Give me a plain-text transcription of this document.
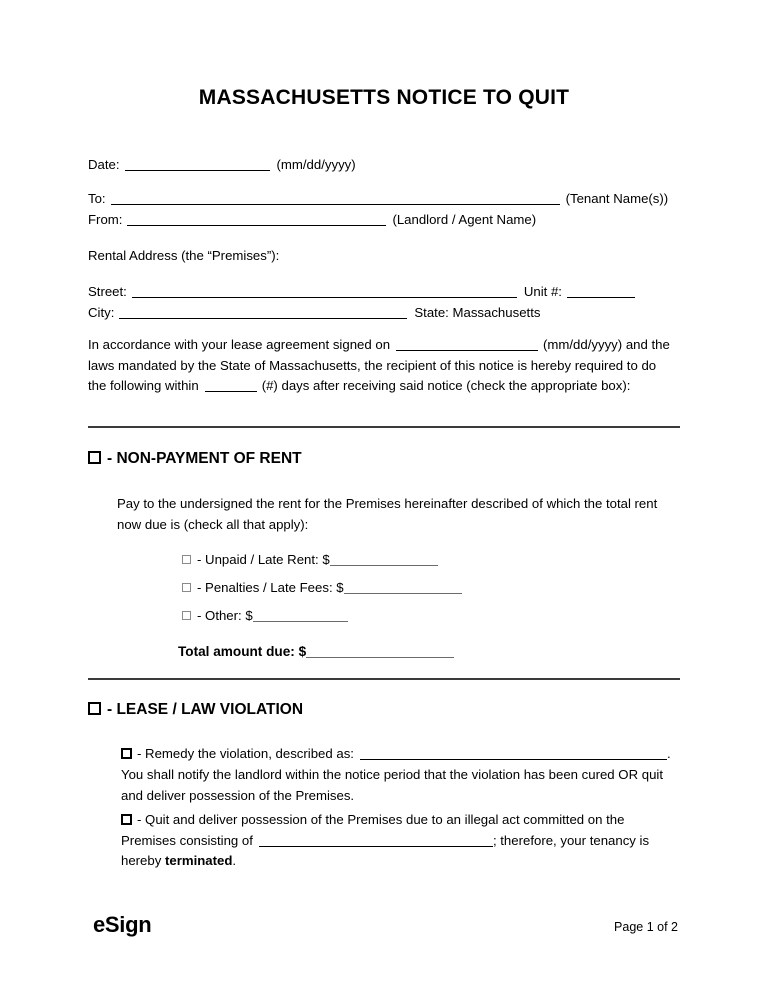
MASSACHUSETTS NOTICE TO QUIT
Date:	(mm/dd/yyyy)
To:	(Tenant Name(s))
From:	(Landlord / Agent Name)
Rental Address (the “Premises”):
Street:	Unit #:
City:	State: Massachusetts
In accordance with your lease agreement signed on	(mm/dd/yyyy) and the laws mandated by the State of Massachusetts, the recipient of this notice is hereby required to do the following within	(#) days after receiving said notice (check the appropriate box):
- NON-PAYMENT OF RENT
Pay to the undersigned the rent for the Premises hereinafter described of which the total rent now due is (check all that apply):
- Unpaid / Late Rent: $
- Penalties / Late Fees: $
- Other: $
Total amount due: $
- LEASE / LAW VIOLATION
- Remedy the violation, described as:	.
You shall notify the landlord within the notice period that the violation has been cured OR quit and deliver possession of the Premises.
- Quit and deliver possession of the Premises due to an illegal act committed on the Premises consisting of	; therefore, your tenancy is hereby terminated.
eSign	Page 1 of 2
